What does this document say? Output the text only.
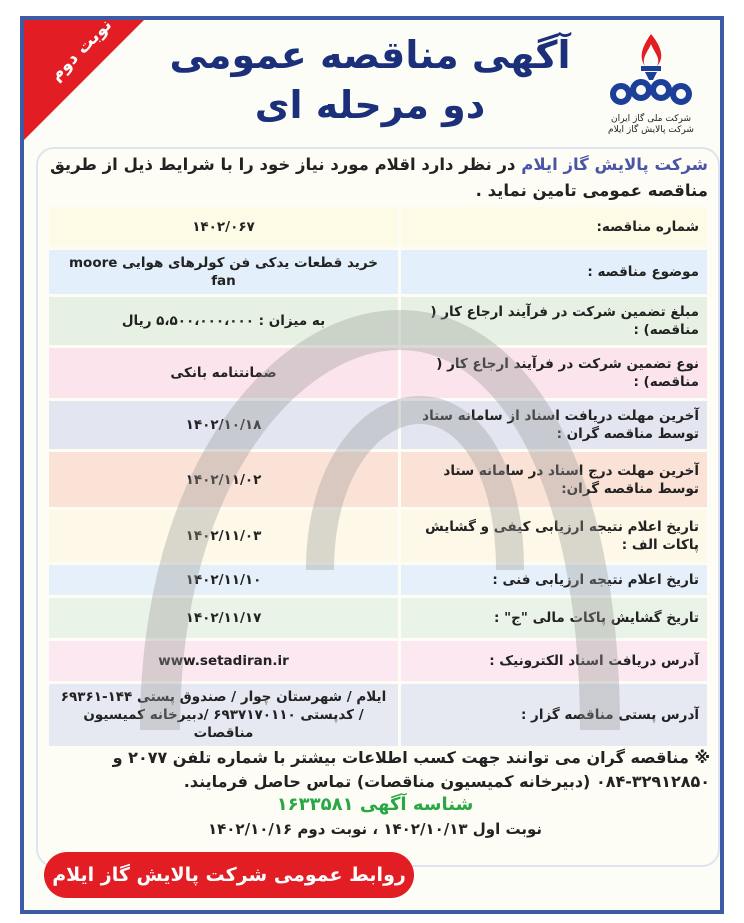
نوبت دوم	آگهی مناقصه عمومی
دو مرحله ای	شرکت ملی گاز ایران
شرکت پالایش گاز ایلام
شرکت پالایش گاز ایلام در نظر دارد اقلام مورد نیاز خود را با شرایط ذیل از طریق مناقصه عمومی تامین نماید .
شماره مناقصه:	۱۴۰۲/۰۶۷
موضوع مناقصه :	خرید قطعات یدکی فن کولرهای هوایی moore fan
مبلغ تضمین شرکت در فرآیند ارجاع کار ( مناقصه) :	به میزان : ۵،۵۰۰،۰۰۰،۰۰۰ ریال
نوع تضمین شرکت در فرآیند ارجاع کار ( مناقصه) :	ضمانتنامه بانکی
آخرین مهلت دریافت اسناد از سامانه ستاد توسط مناقصه گران :	۱۴۰۲/۱۰/۱۸
آخرین مهلت درج اسناد در سامانه ستاد توسط مناقصه گران:	۱۴۰۲/۱۱/۰۲
تاریخ اعلام نتیجه ارزیابی کیفی و گشایش پاکات الف :	۱۴۰۲/۱۱/۰۳
تاریخ اعلام نتیجه ارزیابی فنی :	۱۴۰۲/۱۱/۱۰
تاریخ گشایش پاکات مالی "ج" :	۱۴۰۲/۱۱/۱۷
آدرس دریافت اسناد الکترونیک :	www.setadiran.ir
آدرس پستی مناقصه گزار :	ایلام / شهرستان چوار / صندوق پستی ۱۴۴-۶۹۳۶۱ / کدپستی ۶۹۳۷۱۷۰۱۱۰ /دبیرخانه کمیسیون مناقصات
※ مناقصه گران می توانند جهت کسب اطلاعات بیشتر با شماره تلفن ۲۰۷۷ و ۳۲۹۱۲۸۵۰-۰۸۴ (دبیرخانه کمیسیون مناقصات) تماس حاصل فرمایند.
شناسه آگهی ۱۶۳۳۵۸۱
نوبت اول ۱۴۰۲/۱۰/۱۳ ، نوبت دوم ۱۴۰۲/۱۰/۱۶
روابط عمومی شرکت پالایش گاز ایلام
